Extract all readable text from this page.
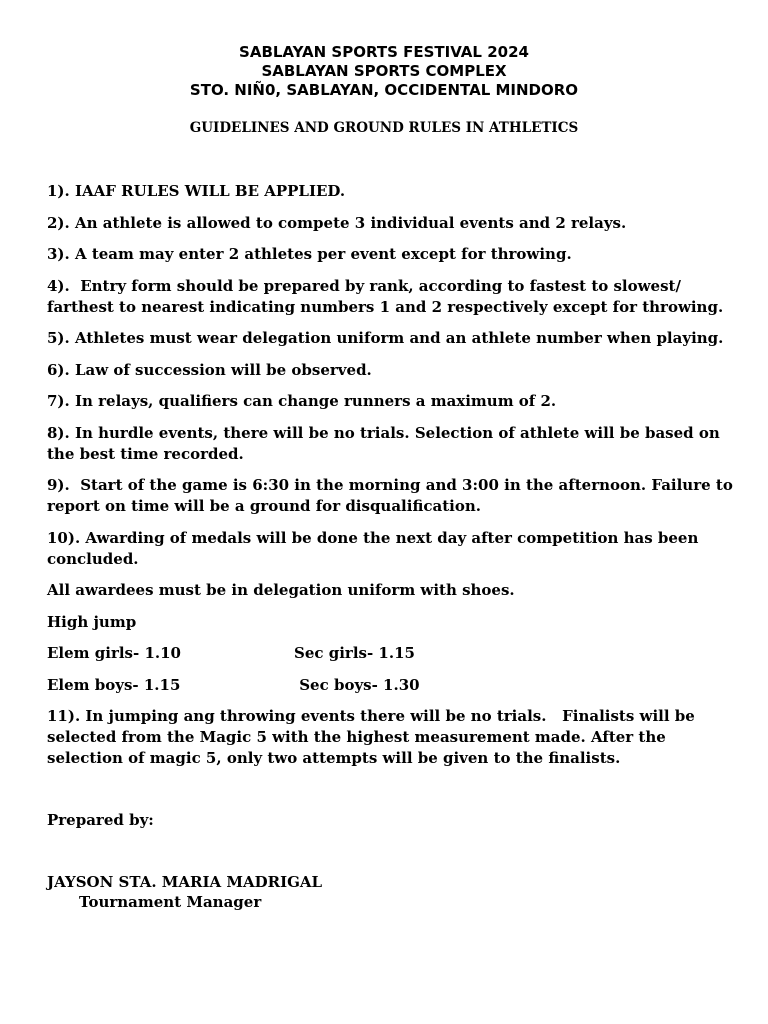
SABLAYAN SPORTS FESTIVAL 2024
SABLAYAN SPORTS COMPLEX
STO. NIÑ0, SABLAYAN, OCCIDENTAL MINDORO
GUIDELINES AND GROUND RULES IN ATHLETICS
1). IAAF RULES WILL BE APPLIED.
2). An athlete is allowed to compete 3 individual events and 2 relays.
3). A team may enter 2 athletes per event except for throwing.
4).  Entry form should be prepared by rank, according to fastest to slowest/ farthest to nearest indicating numbers 1 and 2 respectively except for throwing.
5). Athletes must wear delegation uniform and an athlete number when playing.
6). Law of succession will be observed.
7). In relays, qualifiers can change runners a maximum of 2.
8). In hurdle events, there will be no trials. Selection of athlete will be based on the best time recorded.
9).  Start of the game is 6:30 in the morning and 3:00 in the afternoon. Failure to report on time will be a ground for disqualification.
10). Awarding of medals will be done the next day after competition has been concluded.
All awardees must be in delegation uniform with shoes.
High jump
Elem girls- 1.10	Sec girls- 1.15
Elem boys- 1.15	Sec boys- 1.30
11). In jumping ang throwing events there will be no trials.   Finalists will be selected from the Magic 5 with the highest measurement made. After the selection of magic 5, only two attempts will be given to the finalists.
Prepared by:
JAYSON STA. MARIA MADRIGAL
Tournament Manager
